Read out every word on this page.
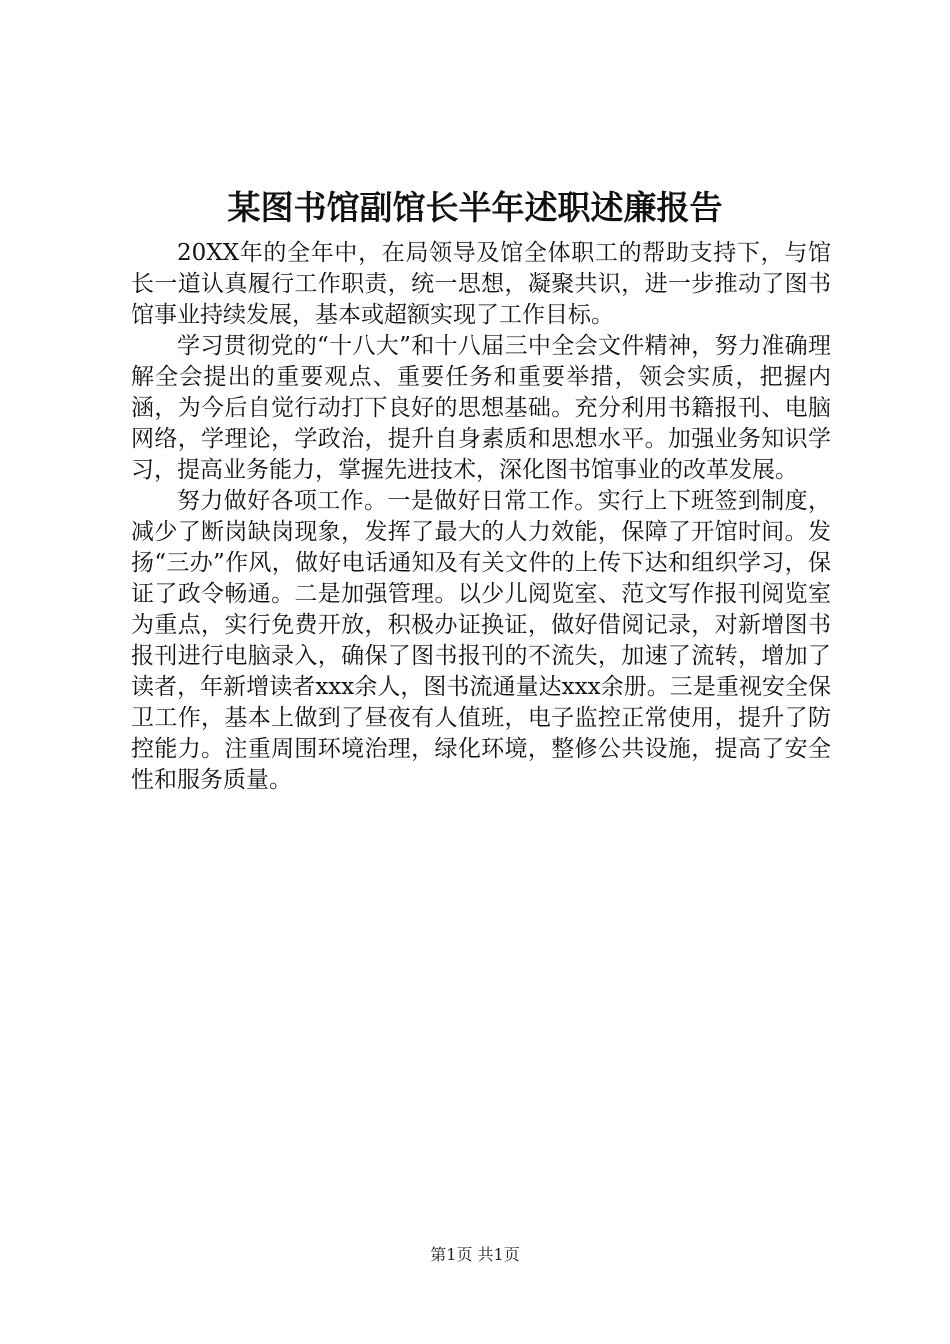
某图书馆副馆长半年述职述廉报告

20XX年的全年中，在局领导及馆全体职工的帮助支持下，与馆长一道认真履行工作职责，统一思想，凝聚共识，进一步推动了图书馆事业持续发展，基本或超额实现了工作目标。

学习贯彻党的“十八大”和十八届三中全会文件精神，努力准确理解全会提出的重要观点、重要任务和重要举措，领会实质，把握内涵，为今后自觉行动打下良好的思想基础。充分利用书籍报刊、电脑网络，学理论，学政治，提升自身素质和思想水平。加强业务知识学习，提高业务能力，掌握先进技术，深化图书馆事业的改革发展。

努力做好各项工作。一是做好日常工作。实行上下班签到制度，减少了断岗缺岗现象，发挥了最大的人力效能，保障了开馆时间。发扬“三办”作风，做好电话通知及有关文件的上传下达和组织学习，保证了政令畅通。二是加强管理。以少儿阅览室、范文写作报刊阅览室为重点，实行免费开放，积极办证换证，做好借阅记录，对新增图书报刊进行电脑录入，确保了图书报刊的不流失，加速了流转，增加了读者，年新增读者xxx余人，图书流通量达xxx余册。三是重视安全保卫工作，基本上做到了昼夜有人值班，电子监控正常使用，提升了防控能力。注重周围环境治理，绿化环境，整修公共设施，提高了安全性和服务质量。

第1页 共1页
